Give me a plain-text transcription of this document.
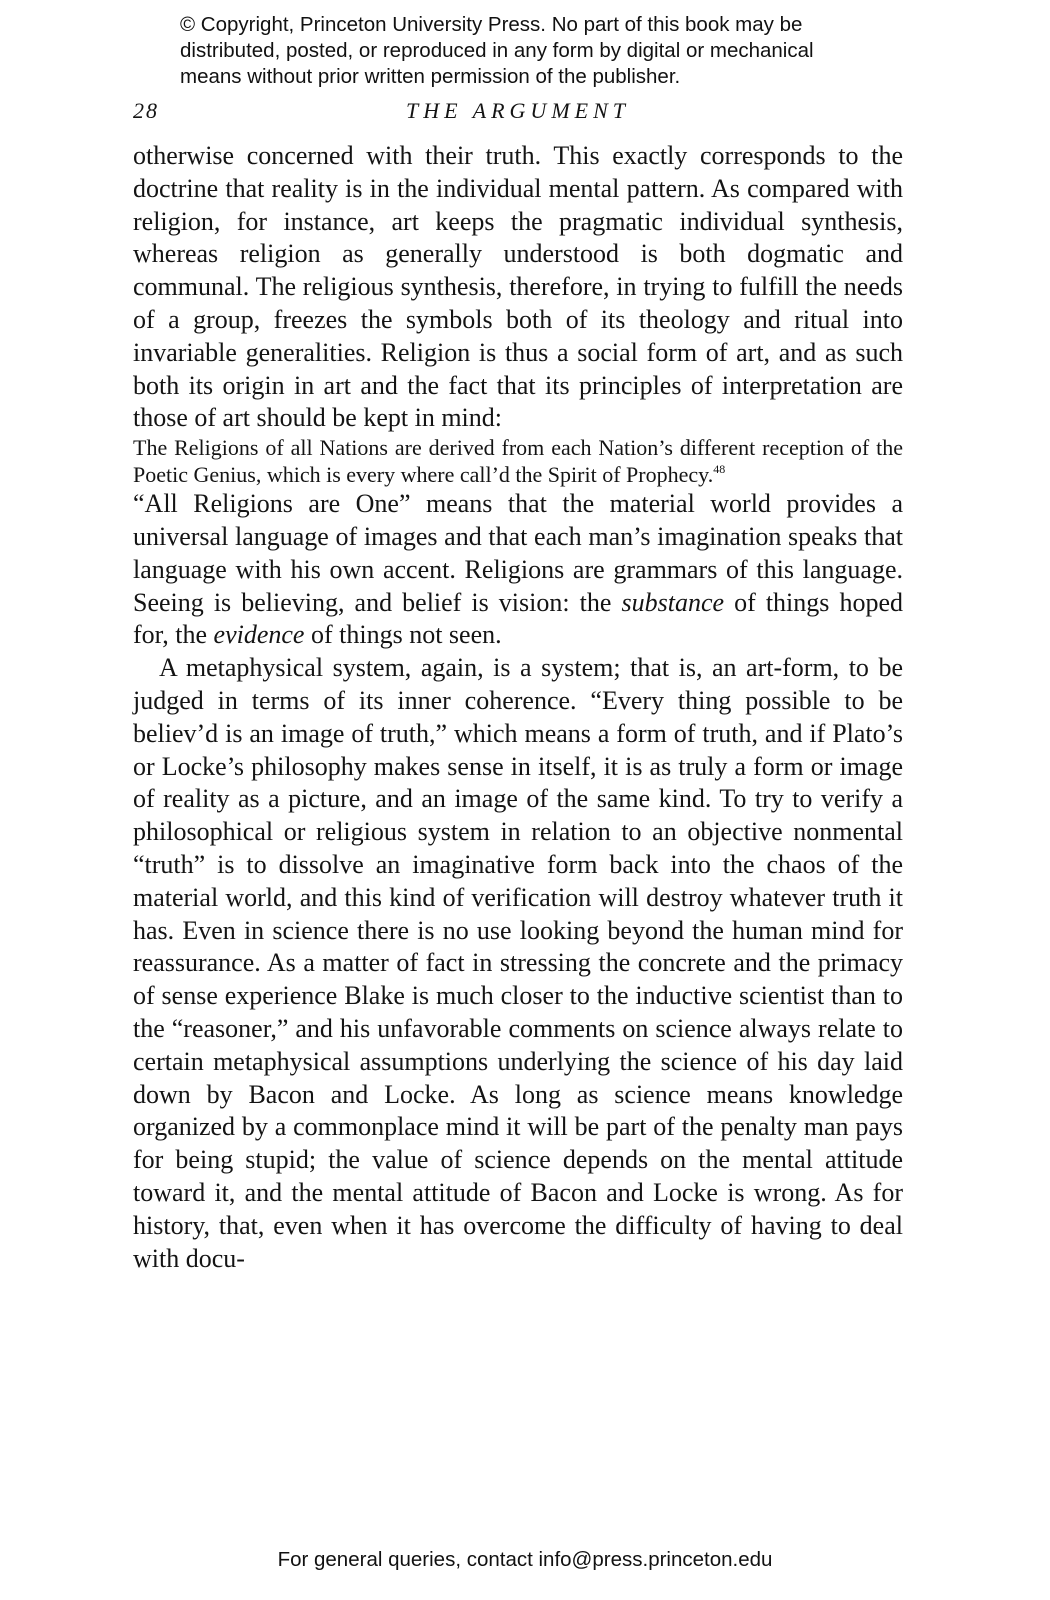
© Copyright, Princeton University Press. No part of this book may be
distributed, posted, or reproduced in any form by digital or mechanical
means without prior written permission of the publisher.
28	THE ARGUMENT

otherwise concerned with their truth. This exactly corresponds to the doctrine that reality is in the individual mental pattern. As compared with religion, for instance, art keeps the pragmatic individual synthesis, whereas religion as generally understood is both dogmatic and communal. The religious synthesis, therefore, in trying to fulfill the needs of a group, freezes the symbols both of its theology and ritual into invariable generalities. Religion is thus a social form of art, and as such both its origin in art and the fact that its principles of interpretation are those of art should be kept in mind:

The Religions of all Nations are derived from each Nation’s different reception of the Poetic Genius, which is every where call’d the Spirit of Prophecy.$^{48}$

“All Religions are One” means that the material world provides a universal language of images and that each man’s imagination speaks that language with his own accent. Religions are grammars of this language. Seeing is believing, and belief is vision: the substance of things hoped for, the evidence of things not seen.

A metaphysical system, again, is a system; that is, an art-form, to be judged in terms of its inner coherence. “Every thing possible to be believ’d is an image of truth,” which means a form of truth, and if Plato’s or Locke’s philosophy makes sense in itself, it is as truly a form or image of reality as a picture, and an image of the same kind. To try to verify a philosophical or religious system in relation to an objective nonmental “truth” is to dissolve an imaginative form back into the chaos of the material world, and this kind of verification will destroy whatever truth it has. Even in science there is no use looking beyond the human mind for reassurance. As a matter of fact in stressing the concrete and the primacy of sense experience Blake is much closer to the inductive scientist than to the “reasoner,” and his unfavorable comments on science always relate to certain metaphysical assumptions underlying the science of his day laid down by Bacon and Locke. As long as science means knowledge organized by a commonplace mind it will be part of the penalty man pays for being stupid; the value of science depends on the mental attitude toward it, and the mental attitude of Bacon and Locke is wrong. As for history, that, even when it has overcome the difficulty of having to deal with docu-

For general queries, contact info@press.princeton.edu
